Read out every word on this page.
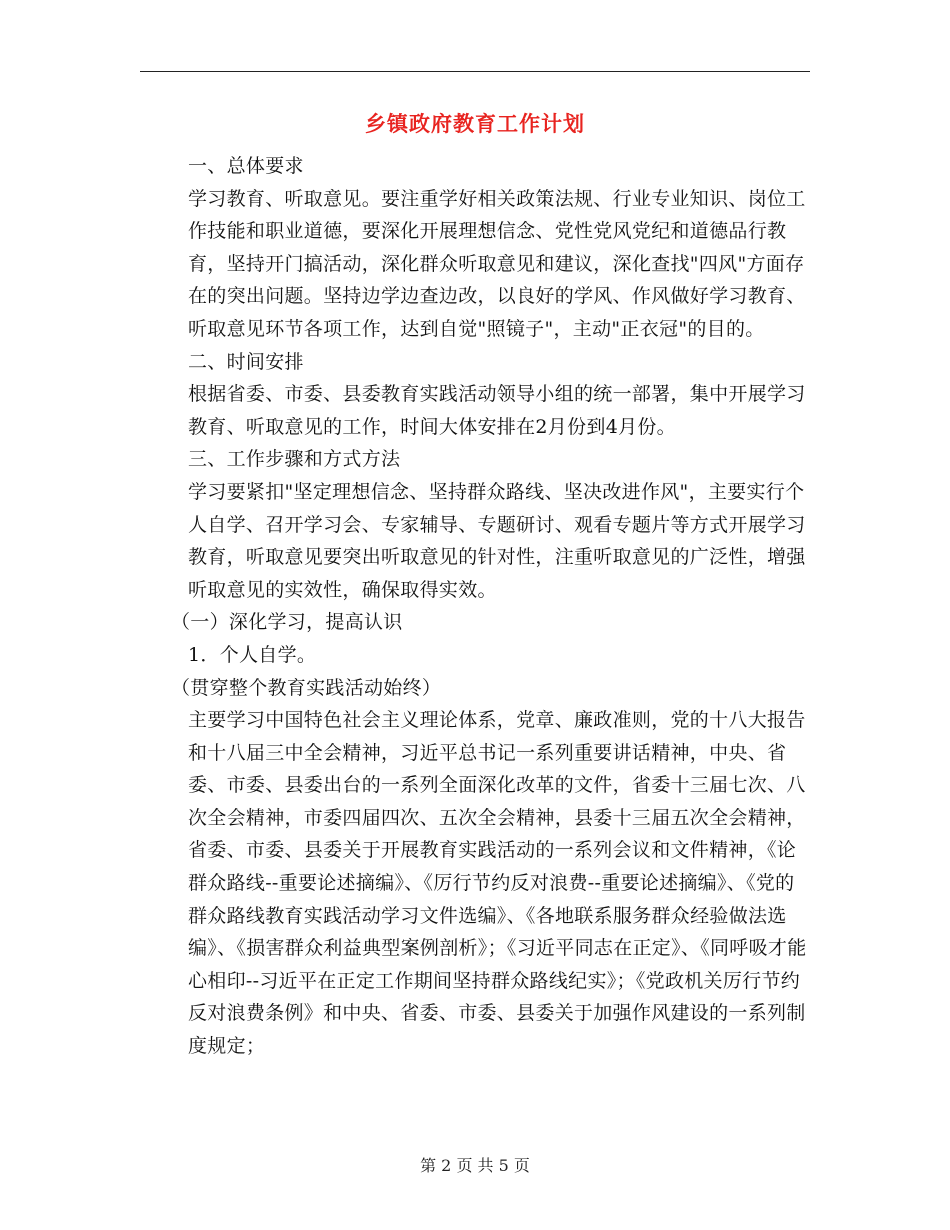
乡镇政府教育工作计划

一、总体要求

学习教育、听取意见。要注重学好相关政策法规、行业专业知识、岗位工作技能和职业道德，要深化开展理想信念、党性党风党纪和道德品行教育，坚持开门搞活动，深化群众听取意见和建议，深化查找"四风"方面存在的突出问题。坚持边学边查边改，以良好的学风、作风做好学习教育、听取意见环节各项工作，达到自觉"照镜子"，主动"正衣冠"的目的。

二、时间安排

根据省委、市委、县委教育实践活动领导小组的统一部署，集中开展学习教育、听取意见的工作，时间大体安排在2月份到4月份。

三、工作步骤和方式方法

学习要紧扣"坚定理想信念、坚持群众路线、坚决改进作风"，主要实行个人自学、召开学习会、专家辅导、专题研讨、观看专题片等方式开展学习教育，听取意见要突出听取意见的针对性，注重听取意见的广泛性，增强听取意见的实效性，确保取得实效。

（一）深化学习，提高认识

1．个人自学。

（贯穿整个教育实践活动始终）

主要学习中国特色社会主义理论体系，党章、廉政准则，党的十八大报告和十八届三中全会精神，习近平总书记一系列重要讲话精神，中央、省委、市委、县委出台的一系列全面深化改革的文件，省委十三届七次、八次全会精神，市委四届四次、五次全会精神，县委十三届五次全会精神，省委、市委、县委关于开展教育实践活动的一系列会议和文件精神，《论群众路线--重要论述摘编》、《厉行节约反对浪费--重要论述摘编》、《党的群众路线教育实践活动学习文件选编》、《各地联系服务群众经验做法选编》、《损害群众利益典型案例剖析》；《习近平同志在正定》、《同呼吸才能心相印--习近平在正定工作期间坚持群众路线纪实》；《党政机关厉行节约反对浪费条例》和中央、省委、市委、县委关于加强作风建设的一系列制度规定；

第 2 页 共 5 页
